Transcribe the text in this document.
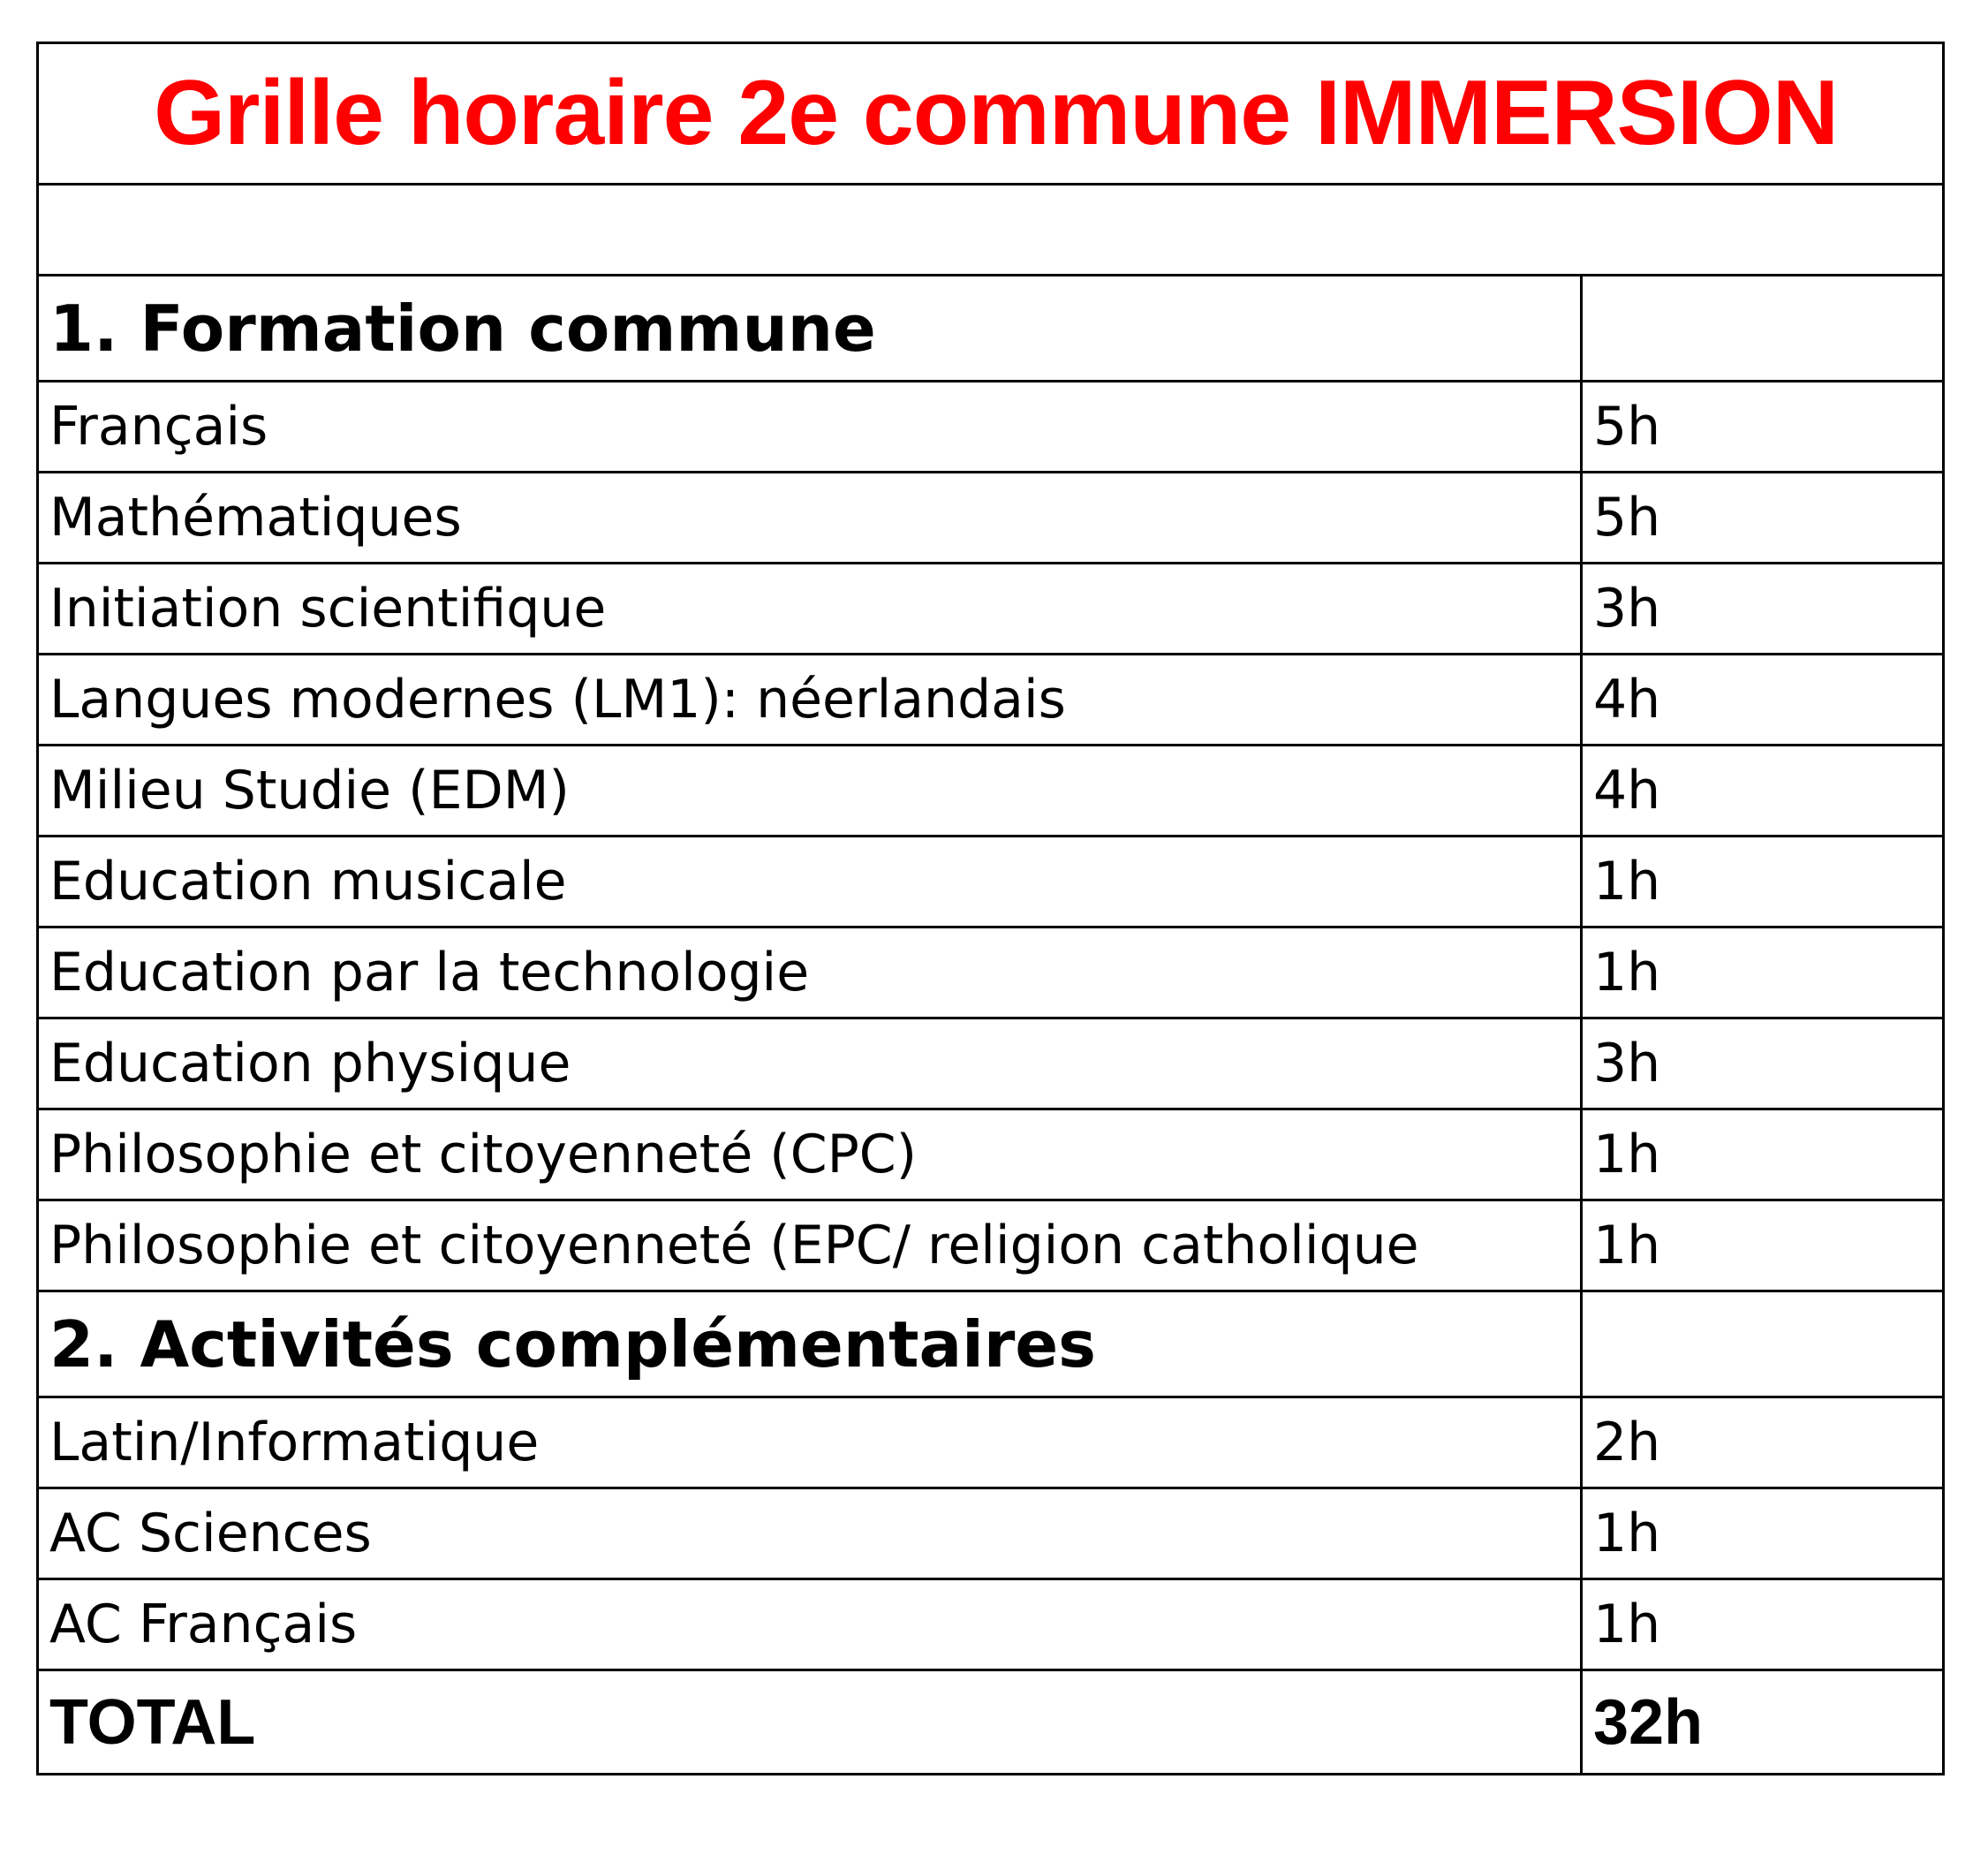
Grille horaire 2e commune IMMERSION	

1. Formation commune	
Français	5h
Mathématiques	5h
Initiation scientifique	3h
Langues modernes (LM1): néerlandais	4h
Milieu Studie (EDM)	4h
Education musicale	1h
Education par la technologie	1h
Education physique	3h
Philosophie et citoyenneté (CPC)	1h
Philosophie et citoyenneté (EPC/ religion catholique	1h
2. Activités complémentaires	
Latin/Informatique	2h
AC Sciences	1h
AC Français	1h
TOTAL	32h
